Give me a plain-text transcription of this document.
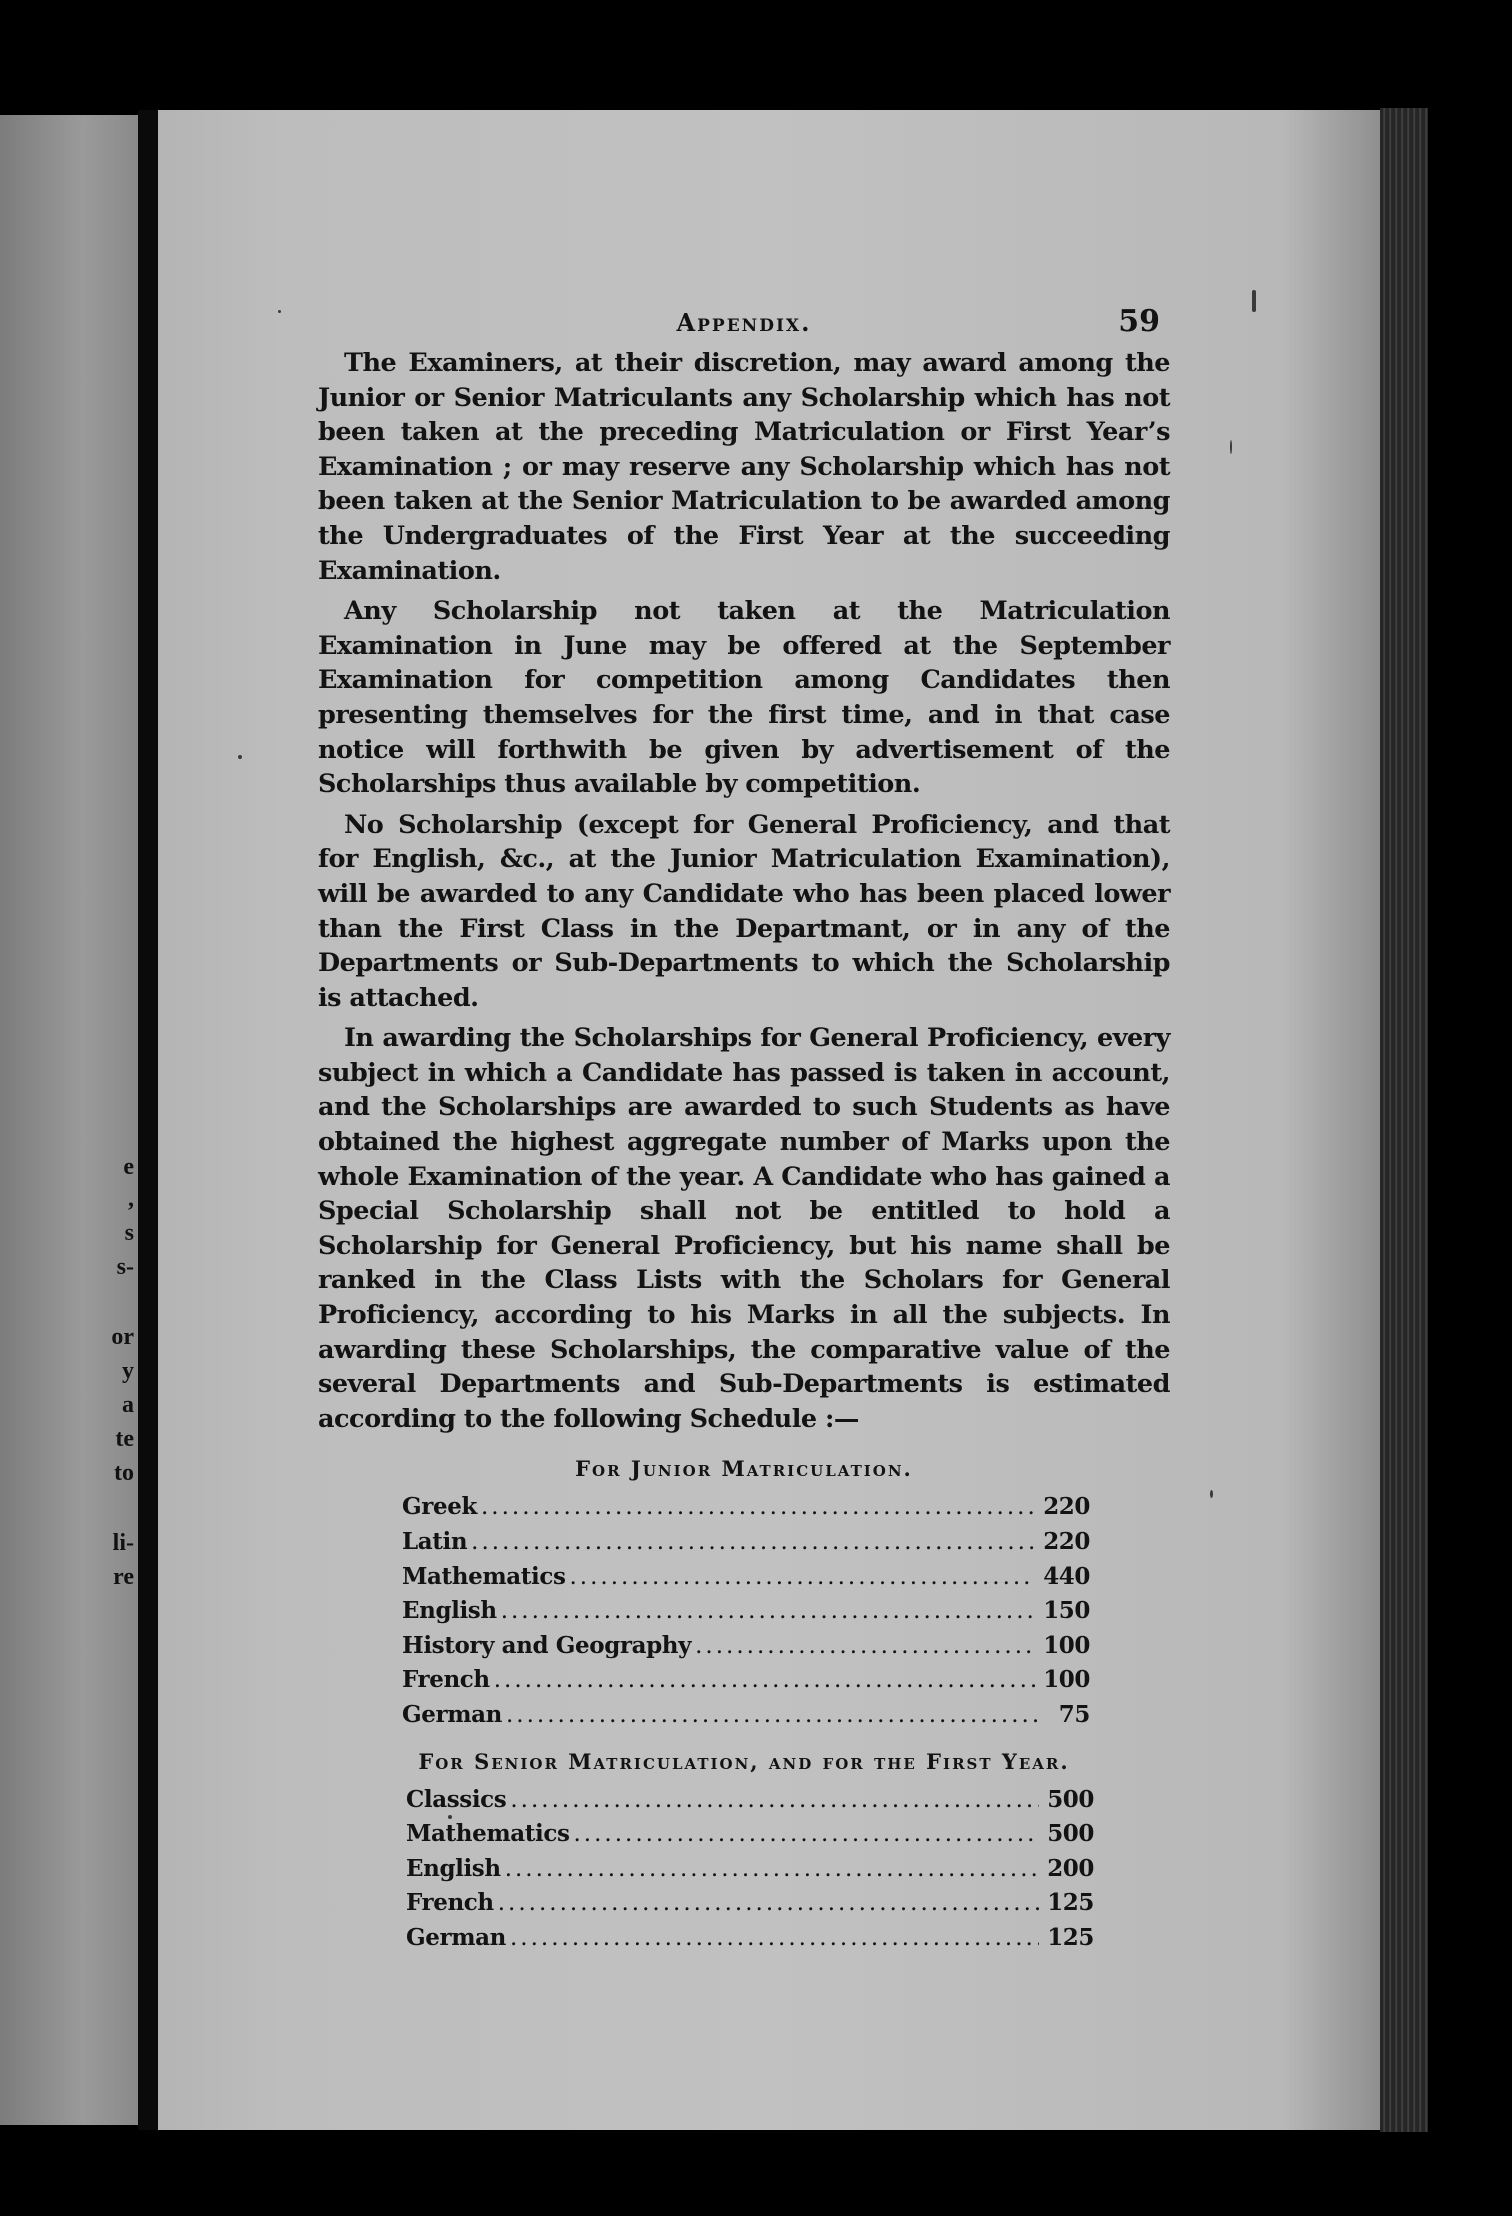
e
,
s
s-
or
y
a
te
to
li-
re
Appendix.	59

The Examiners, at their discretion, may award among the Junior or Senior Matriculants any Scholarship which has not been taken at the preceding Matriculation or First Year’s Examination ; or may reserve any Scholarship which has not been taken at the Senior Matriculation to be awarded among the Undergraduates of the First Year at the succeeding Examination.

Any Scholarship not taken at the Matriculation Examination in June may be offered at the September Examination for competition among Candidates then presenting themselves for the first time, and in that case notice will forthwith be given by advertisement of the Scholarships thus available by competition.

No Scholarship (except for General Proficiency, and that for English, &c., at the Junior Matriculation Examination), will be awarded to any Candidate who has been placed lower than the First Class in the Departmant, or in any of the Departments or Sub-Departments to which the Scholarship is attached.

In awarding the Scholarships for General Proficiency, every subject in which a Candidate has passed is taken in account, and the Scholarships are awarded to such Students as have obtained the highest aggregate number of Marks upon the whole Examination of the year. A Candidate who has gained a Special Scholarship shall not be entitled to hold a Scholarship for General Proficiency, but his name shall be ranked in the Class Lists with the Scholars for General Proficiency, according to his Marks in all the subjects. In awarding these Scholarships, the comparative value of the several Departments and Sub-Departments is estimated according to the following Schedule :—

For Junior Matriculation.
Greek .....	220
Latin .....	220
Mathematics .....	440
English .....	150
History and Geography .....	100
French .....	100
German .....	75
For Senior Matriculation, and for the First Year.
Classics .....	500
Mathematics .....	500
English .....	200
French .....	125
German .....	125
